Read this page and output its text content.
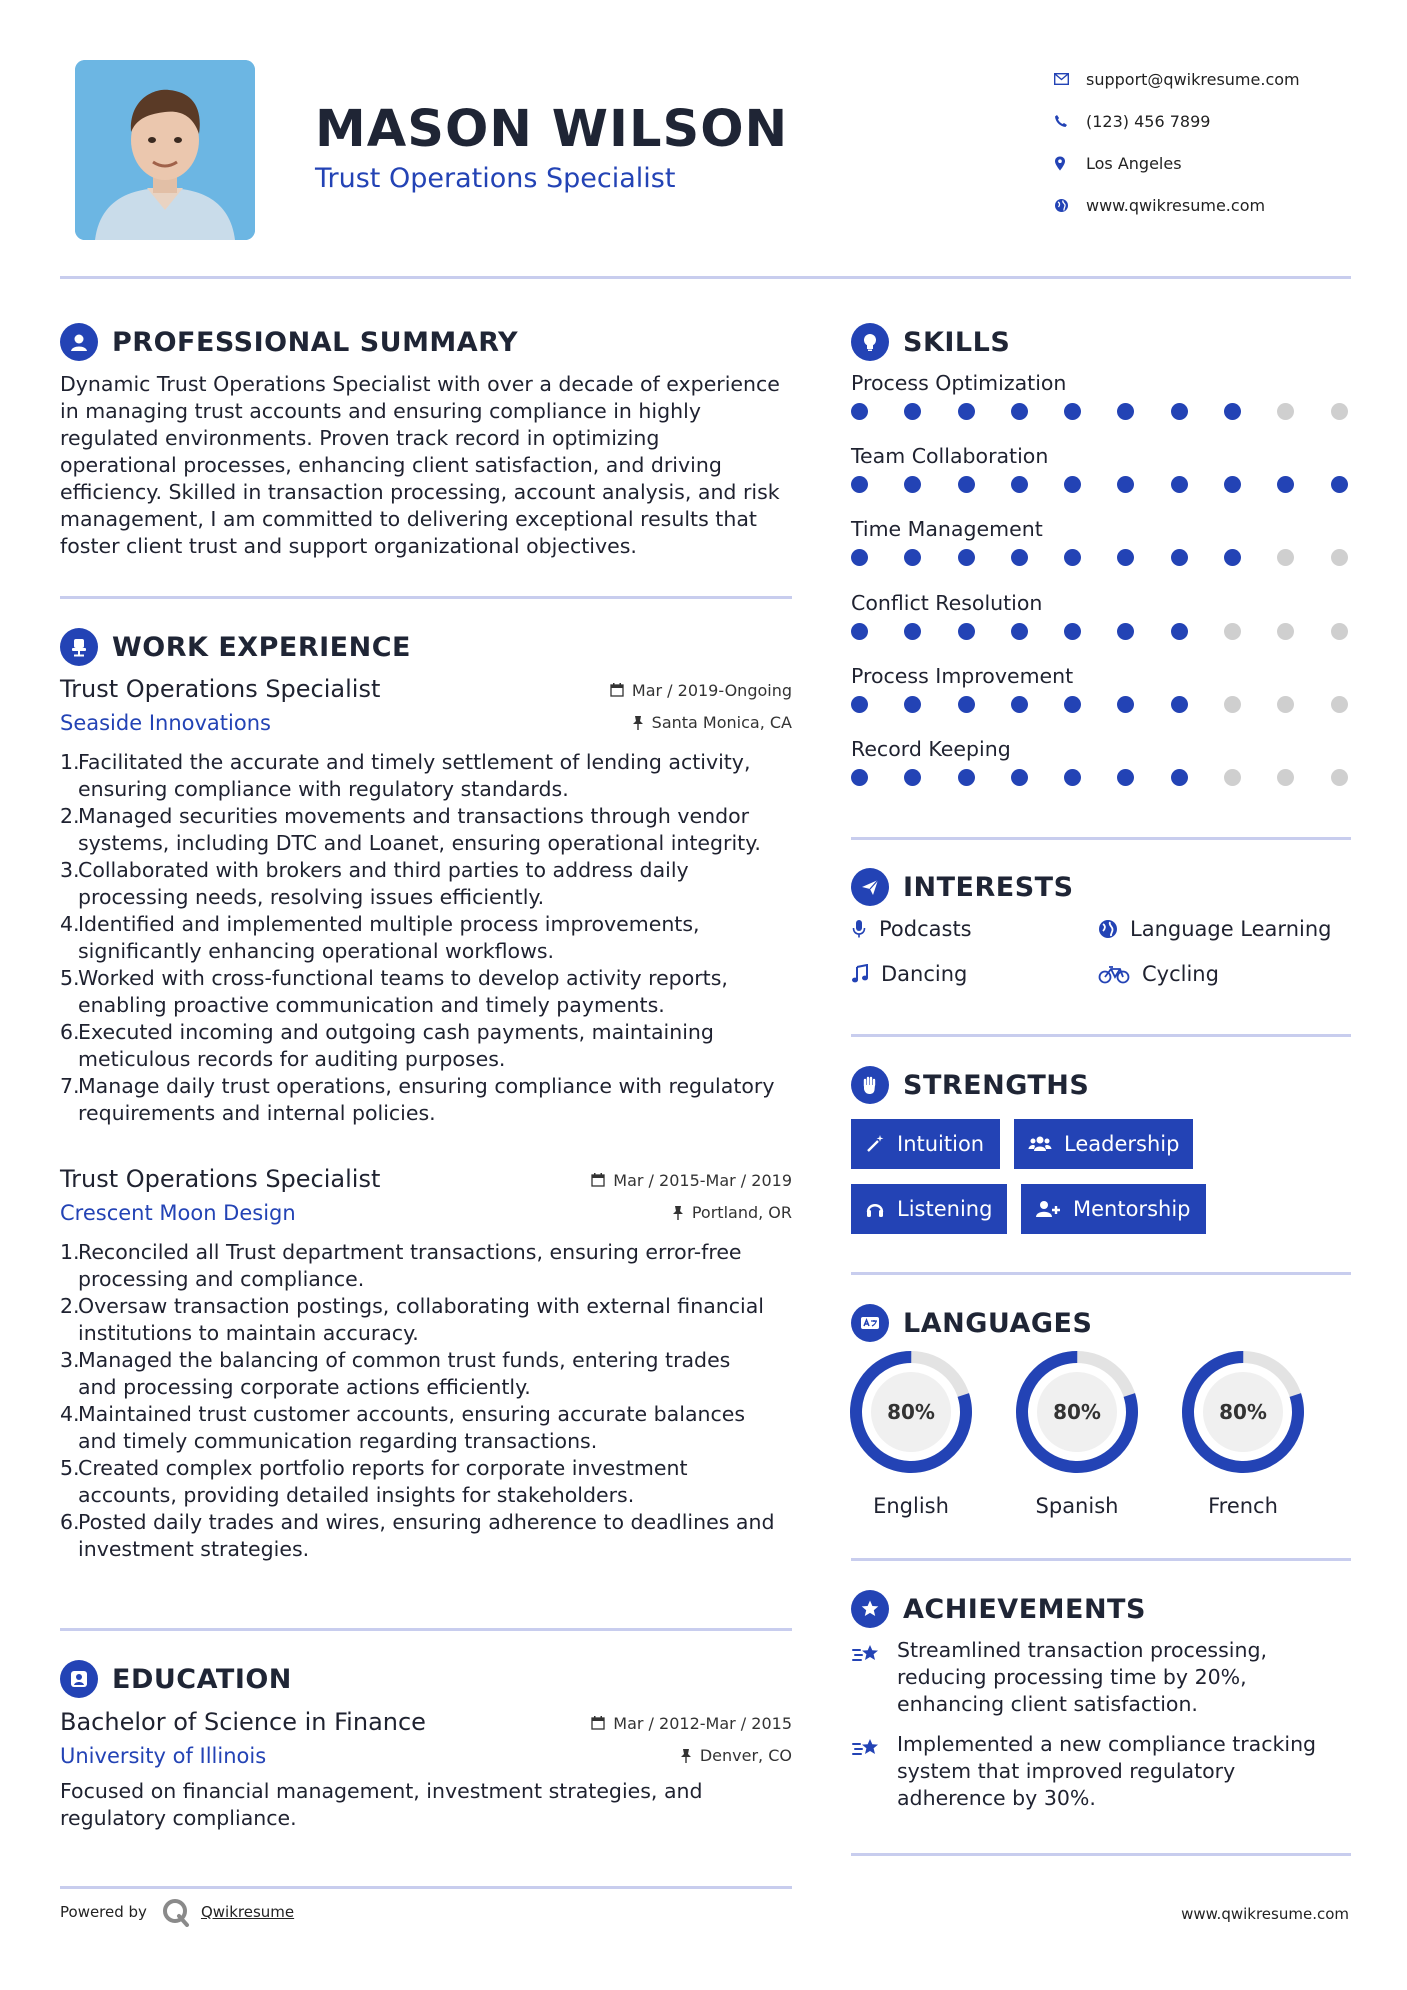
MASON WILSON
Trust Operations Specialist
support@qwikresume.com
(123) 456 7899
Los Angeles
www.qwikresume.com
PROFESSIONAL SUMMARY
Dynamic Trust Operations Specialist with over a decade of experience
in managing trust accounts and ensuring compliance in highly
regulated environments. Proven track record in optimizing
operational processes, enhancing client satisfaction, and driving
efficiency. Skilled in transaction processing, account analysis, and risk
management, I am committed to delivering exceptional results that
foster client trust and support organizational objectives.
WORK EXPERIENCE
Trust Operations Specialist	Mar / 2019-Ongoing
Seaside Innovations	Santa Monica, CA
1.
Facilitated the accurate and timely settlement of lending activity,
ensuring compliance with regulatory standards.
2.
Managed securities movements and transactions through vendor
systems, including DTC and Loanet, ensuring operational integrity.
3.
Collaborated with brokers and third parties to address daily
processing needs, resolving issues efficiently.
4.
Identified and implemented multiple process improvements,
significantly enhancing operational workflows.
5.
Worked with cross-functional teams to develop activity reports,
enabling proactive communication and timely payments.
6.
Executed incoming and outgoing cash payments, maintaining
meticulous records for auditing purposes.
7.
Manage daily trust operations, ensuring compliance with regulatory
requirements and internal policies.
Trust Operations Specialist	Mar / 2015-Mar / 2019
Crescent Moon Design	Portland, OR
1.
Reconciled all Trust department transactions, ensuring error-free
processing and compliance.
2.
Oversaw transaction postings, collaborating with external financial
institutions to maintain accuracy.
3.
Managed the balancing of common trust funds, entering trades
and processing corporate actions efficiently.
4.
Maintained trust customer accounts, ensuring accurate balances
and timely communication regarding transactions.
5.
Created complex portfolio reports for corporate investment
accounts, providing detailed insights for stakeholders.
6.
Posted daily trades and wires, ensuring adherence to deadlines and
investment strategies.
EDUCATION
Bachelor of Science in Finance	Mar / 2012-Mar / 2015
University of Illinois	Denver, CO
Focused on financial management, investment strategies, and
regulatory compliance.
SKILLS
Process Optimization
Team Collaboration
Time Management
Conflict Resolution
Process Improvement
Record Keeping
INTERESTS
Podcasts	Language Learning
Dancing	Cycling
STRENGTHS
Intuition	Leadership
Listening	Mentorship
LANGUAGES
80%
English
80%
Spanish
80%
French
ACHIEVEMENTS
Streamlined transaction processing,
reducing processing time by 20%,
enhancing client satisfaction.
Implemented a new compliance tracking
system that improved regulatory
adherence by 30%.
Powered by	Qwikresume	www.qwikresume.com
